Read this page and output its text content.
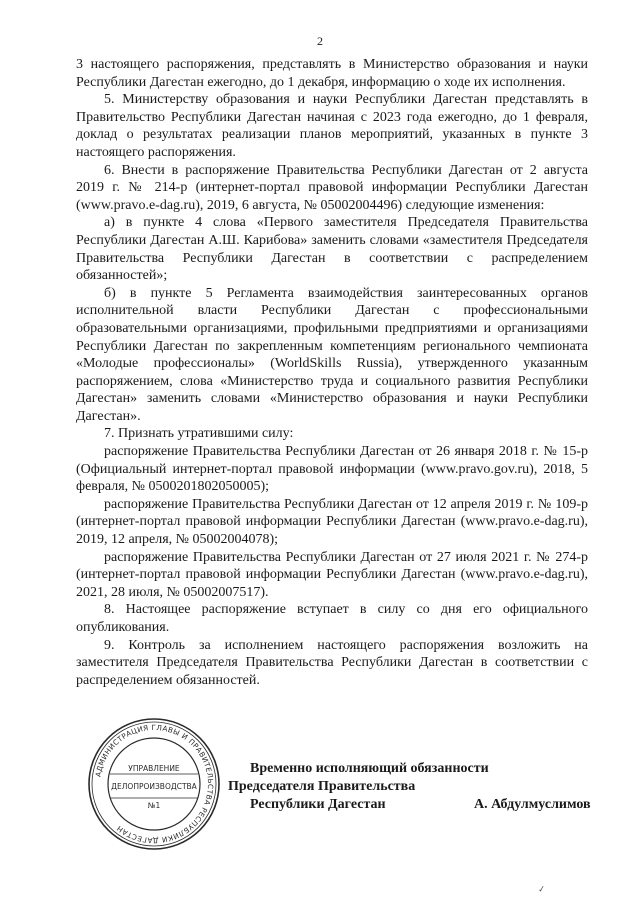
2

3 настоящего распоряжения, представлять в Министерство образования и науки Республики Дагестан ежегодно, до 1 декабря, информацию о ходе их исполнения.

5. Министерству образования и науки Республики Дагестан представлять в Правительство Республики Дагестан начиная с 2023 года ежегодно, до 1 февраля, доклад о результатах реализации планов мероприятий, указанных в пункте 3 настоящего распоряжения.

6. Внести в распоряжение Правительства Республики Дагестан от 2 августа 2019 г. № 214-р (интернет-портал правовой информации Республики Дагестан (www.pravo.e-dag.ru), 2019, 6 августа, № 05002004496) следующие изменения:

а) в пункте 4 слова «Первого заместителя Председателя Правительства Республики Дагестан А.Ш. Карибова» заменить словами «заместителя Председателя Правительства Республики Дагестан в соответствии с распределением обязанностей»;

б) в пункте 5 Регламента взаимодействия заинтересованных органов исполнительной власти Республики Дагестан с профессиональными образовательными организациями, профильными предприятиями и организациями Республики Дагестан по закрепленным компетенциям регионального чемпионата «Молодые профессионалы» (WorldSkills Russia), утвержденного указанным распоряжением, слова «Министерство труда и социального развития Республики Дагестан» заменить словами «Министерство образования и науки Республики Дагестан».

7. Признать утратившими силу:

распоряжение Правительства Республики Дагестан от 26 января 2018 г. № 15-р (Официальный интернет-портал правовой информации (www.pravo.gov.ru), 2018, 5 февраля, № 0500201802050005);

распоряжение Правительства Республики Дагестан от 12 апреля 2019 г. № 109-р (интернет-портал правовой информации Республики Дагестан (www.pravo.e-dag.ru), 2019, 12 апреля, № 05002004078);

распоряжение Правительства Республики Дагестан от 27 июля 2021 г. № 274-р (интернет-портал правовой информации Республики Дагестан (www.pravo.e-dag.ru), 2021, 28 июля, № 05002007517).

8. Настоящее распоряжение вступает в силу со дня его официального опубликования.

9. Контроль за исполнением настоящего распоряжения возложить на заместителя Председателя Правительства Республики Дагестан в соответствии с распределением обязанностей.

АДМИНИСТРАЦИЯ ГЛАВЫ И ПРАВИТЕЛЬСТВА РЕСПУБЛИКИ ДАГЕСТАН
УПРАВЛЕНИЕ
ДЕЛОПРОИЗВОДСТВА
№1
Временно исполняющий обязанности
Председателя Правительства
Республики Дагестан	А. Абдулмуслимов
✓
